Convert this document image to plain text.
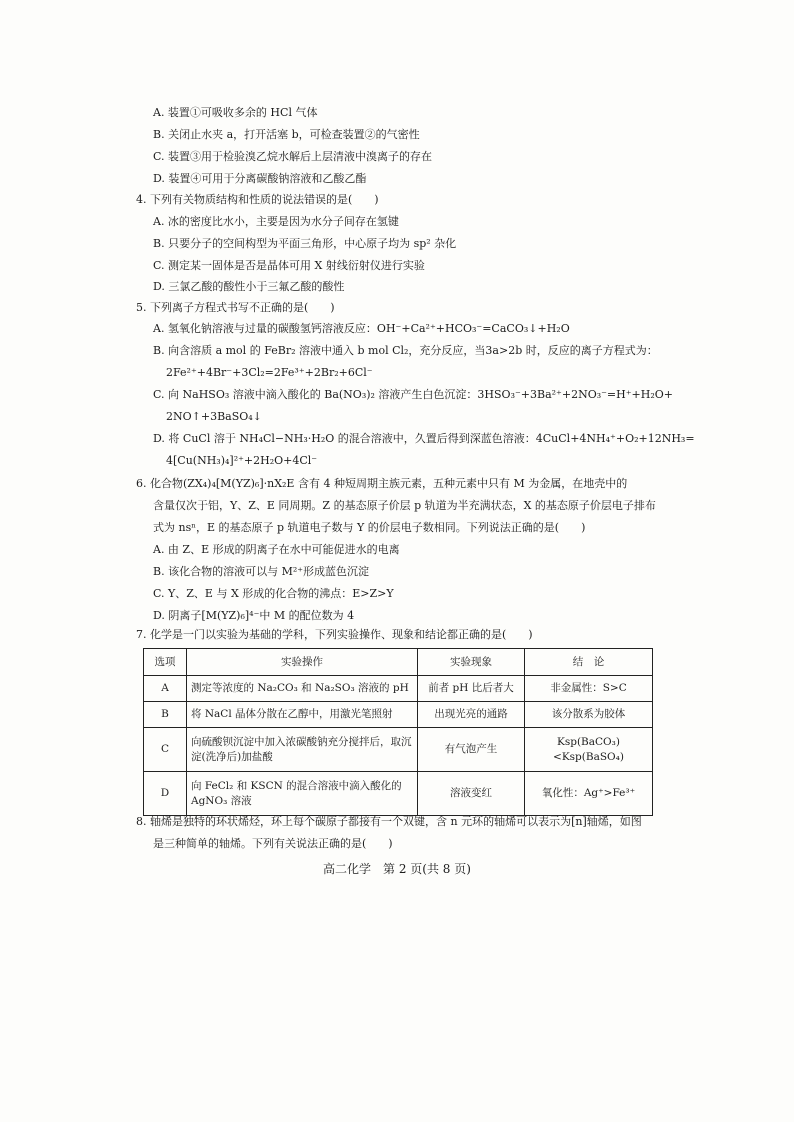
A. 装置①可吸收多余的 HCl 气体
B. 关闭止水夹 a，打开活塞 b，可检查装置②的气密性
C. 装置③用于检验溴乙烷水解后上层清液中溴离子的存在
D. 装置④可用于分离碳酸钠溶液和乙酸乙酯
4. 下列有关物质结构和性质的说法错误的是(　　)
A. 冰的密度比水小，主要是因为水分子间存在氢键
B. 只要分子的空间构型为平面三角形，中心原子均为 sp² 杂化
C. 测定某一固体是否是晶体可用 X 射线衍射仪进行实验
D. 三氯乙酸的酸性小于三氟乙酸的酸性
5. 下列离子方程式书写不正确的是(　　)
A. 氢氧化钠溶液与过量的碳酸氢钙溶液反应：OH⁻+Ca²⁺+HCO₃⁻=CaCO₃↓+H₂O
B. 向含溶质 a mol 的 FeBr₂ 溶液中通入 b mol Cl₂，充分反应，当3a>2b 时，反应的离子方程式为：
2Fe²⁺+4Br⁻+3Cl₂=2Fe³⁺+2Br₂+6Cl⁻
C. 向 NaHSO₃ 溶液中滴入酸化的 Ba(NO₃)₂ 溶液产生白色沉淀：3HSO₃⁻+3Ba²⁺+2NO₃⁻=H⁺+H₂O+
2NO↑+3BaSO₄↓
D. 将 CuCl 溶于 NH₄Cl−NH₃·H₂O 的混合溶液中，久置后得到深蓝色溶液：4CuCl+4NH₄⁺+O₂+12NH₃=
4[Cu(NH₃)₄]²⁺+2H₂O+4Cl⁻
6. 化合物(ZX₄)₄[M(YZ)₆]·nX₂E 含有 4 种短周期主族元素，五种元素中只有 M 为金属，在地壳中的
含量仅次于铝，Y、Z、E 同周期。Z 的基态原子价层 p 轨道为半充满状态，X 的基态原子价层电子排布
式为 nsⁿ，E 的基态原子 p 轨道电子数与 Y 的价层电子数相同。下列说法正确的是(　　)
A. 由 Z、E 形成的阴离子在水中可能促进水的电离
B. 该化合物的溶液可以与 M²⁺形成蓝色沉淀
C. Y、Z、E 与 X 形成的化合物的沸点：E>Z>Y
D. 阴离子[M(YZ)₆]⁴⁻中 M 的配位数为 4
7. 化学是一门以实验为基础的学科，下列实验操作、现象和结论都正确的是(　　)
选项	实验操作	实验现象	结　论
A	测定等浓度的 Na₂CO₃ 和 Na₂SO₃ 溶液的 pH	前者 pH 比后者大	非金属性：S>C
B	将 NaCl 晶体分散在乙醇中，用激光笔照射	出现光亮的通路	该分散系为胶体
C	向硫酸钡沉淀中加入浓碳酸钠充分搅拌后，取沉淀(洗净后)加盐酸	有气泡产生	Ksp(BaCO₃)<Ksp(BaSO₄)
D	向 FeCl₂ 和 KSCN 的混合溶液中滴入酸化的 AgNO₃ 溶液	溶液变红	氧化性：Ag⁺>Fe³⁺
8. 轴烯是独特的环状烯烃，环上每个碳原子都接有一个双键，含 n 元环的轴烯可以表示为[n]轴烯，如图
是三种简单的轴烯。下列有关说法正确的是(　　)
高二化学　第 2 页(共 8 页)
